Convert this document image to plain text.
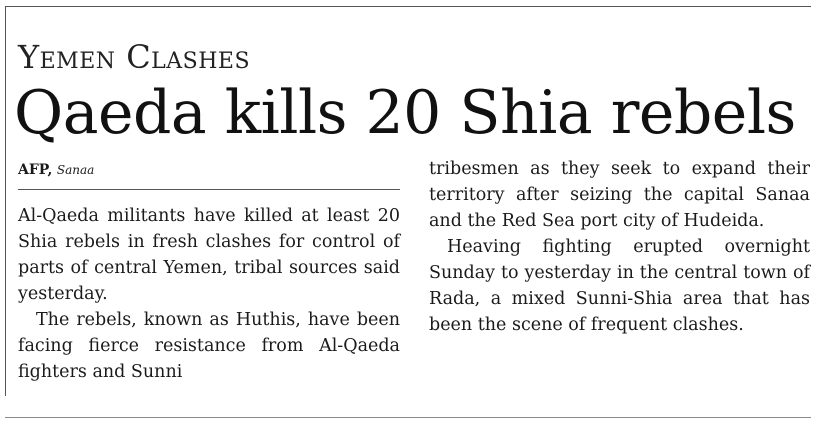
Yemen Clashes
Qaeda kills 20 Shia rebels
AFP, Sanaa

Al-Qaeda militants have killed at least 20 Shia rebels in fresh clashes for control of parts of central Yemen, tribal sources said yesterday.

The rebels, known as Huthis, have been facing fierce resistance from Al-Qaeda fighters and Sunni

tribesmen as they seek to expand their territory after seizing the capital Sanaa and the Red Sea port city of Hudeida.

Heaving fighting erupted overnight Sunday to yesterday in the central town of Rada, a mixed Sunni-Shia area that has been the scene of frequent clashes.
